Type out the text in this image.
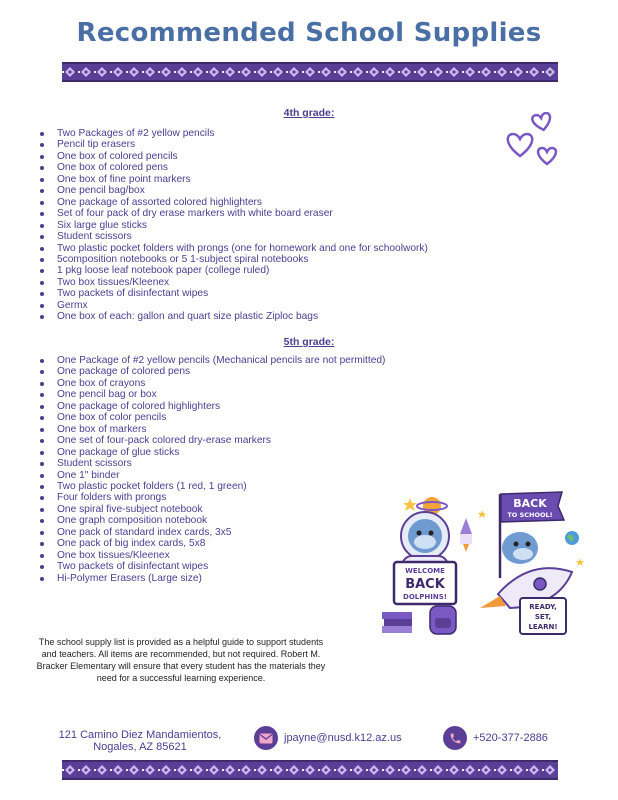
Recommended School Supplies
4th grade:
Two Packages of #2 yellow pencils
Pencil tip erasers
One box of colored pencils
One box of colored pens
One box of fine point markers
One pencil bag/box
One package of assorted colored highlighters
Set of four pack of dry erase markers with white board eraser
Six large glue sticks
Student scissors
Two plastic pocket folders with prongs (one for homework and one for schoolwork)
5composition notebooks or 5 1-subject spiral notebooks
1 pkg loose leaf notebook paper (college ruled)
Two box tissues/Kleenex
Two packets of disinfectant wipes
Germx
One box of each: gallon and quart size plastic Ziploc bags
5th grade:
One Package of #2 yellow pencils (Mechanical pencils are not permitted)
One package of colored pens
One box of crayons
One pencil bag or box
One package of colored highlighters
One box of color pencils
One box of markers
One set of four-pack colored dry-erase markers
One package of glue sticks
Student scissors
One 1" binder
Two plastic pocket folders (1 red, 1 green)
Four folders with prongs
One spiral five-subject notebook
One graph composition notebook
One pack of standard index cards, 3x5
One pack of big index cards, 5x8
One box tissues/Kleenex
Two packets of disinfectant wipes
Hi-Polymer Erasers (Large size)
WELCOME
BACK
DOLPHINS!
BACK
TO SCHOOL!
READY,
SET,
LEARN!

The school supply list is provided as a helpful guide to support students and teachers. All items are recommended, but not required. Robert M. Bracker Elementary will ensure that every student has the materials they need for a successful learning experience.

121 Camino Diez Mandamientos,
Nogales, AZ 85621
jpayne@nusd.k12.az.us	+520-377-2886
